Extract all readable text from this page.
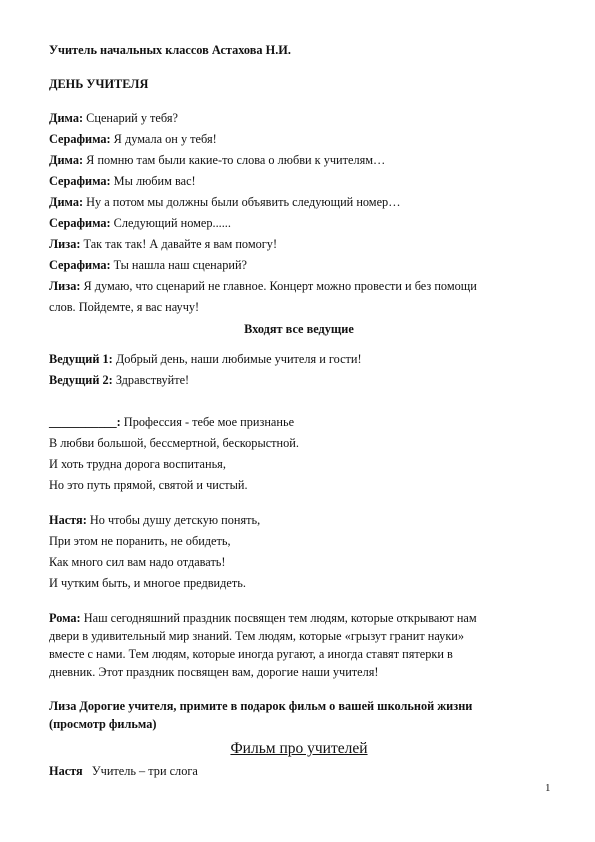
Учитель начальных классов Астахова Н.И.
ДЕНЬ УЧИТЕЛЯ
Дима: Сценарий у тебя?
Серафима: Я думала он у тебя!
Дима: Я помню там были какие-то слова о любви к учителям…
Серафима: Мы любим вас!
Дима: Ну а потом мы должны были объявить следующий номер…
Серафима: Следующий номер......
Лиза: Так так так! А давайте я вам помогу!
Серафима: Ты нашла наш сценарий?
Лиза: Я думаю, что сценарий не главное. Концерт можно провести и без помощи
слов. Пойдемте, я вас научу!
Входят все ведущие
Ведущий 1: Добрый день, наши любимые учителя и гости!
Ведущий 2: Здравствуйте!
___________: Профессия - тебе мое признанье
В любви большой, бессмертной, бескорыстной.
И хоть трудна дорога воспитанья,
Но это путь прямой, святой и чистый.
Настя: Но чтобы душу детскую понять,
При этом не поранить, не обидеть,
Как много сил вам надо отдавать!
И чутким быть, и многое предвидеть.
Рома: Наш сегодняшний праздник посвящен тем людям, которые открывают нам
двери в удивительный мир знаний. Тем людям, которые «грызут гранит науки»
вместе с нами. Тем людям, которые иногда ругают, а иногда ставят пятерки в
дневник. Этот праздник посвящен вам, дорогие наши учителя!
Лиза Дорогие учителя, примите в подарок фильм о вашей школьной жизни
(просмотр фильма)
Фильм про учителей
Настя   Учитель – три слога
1
